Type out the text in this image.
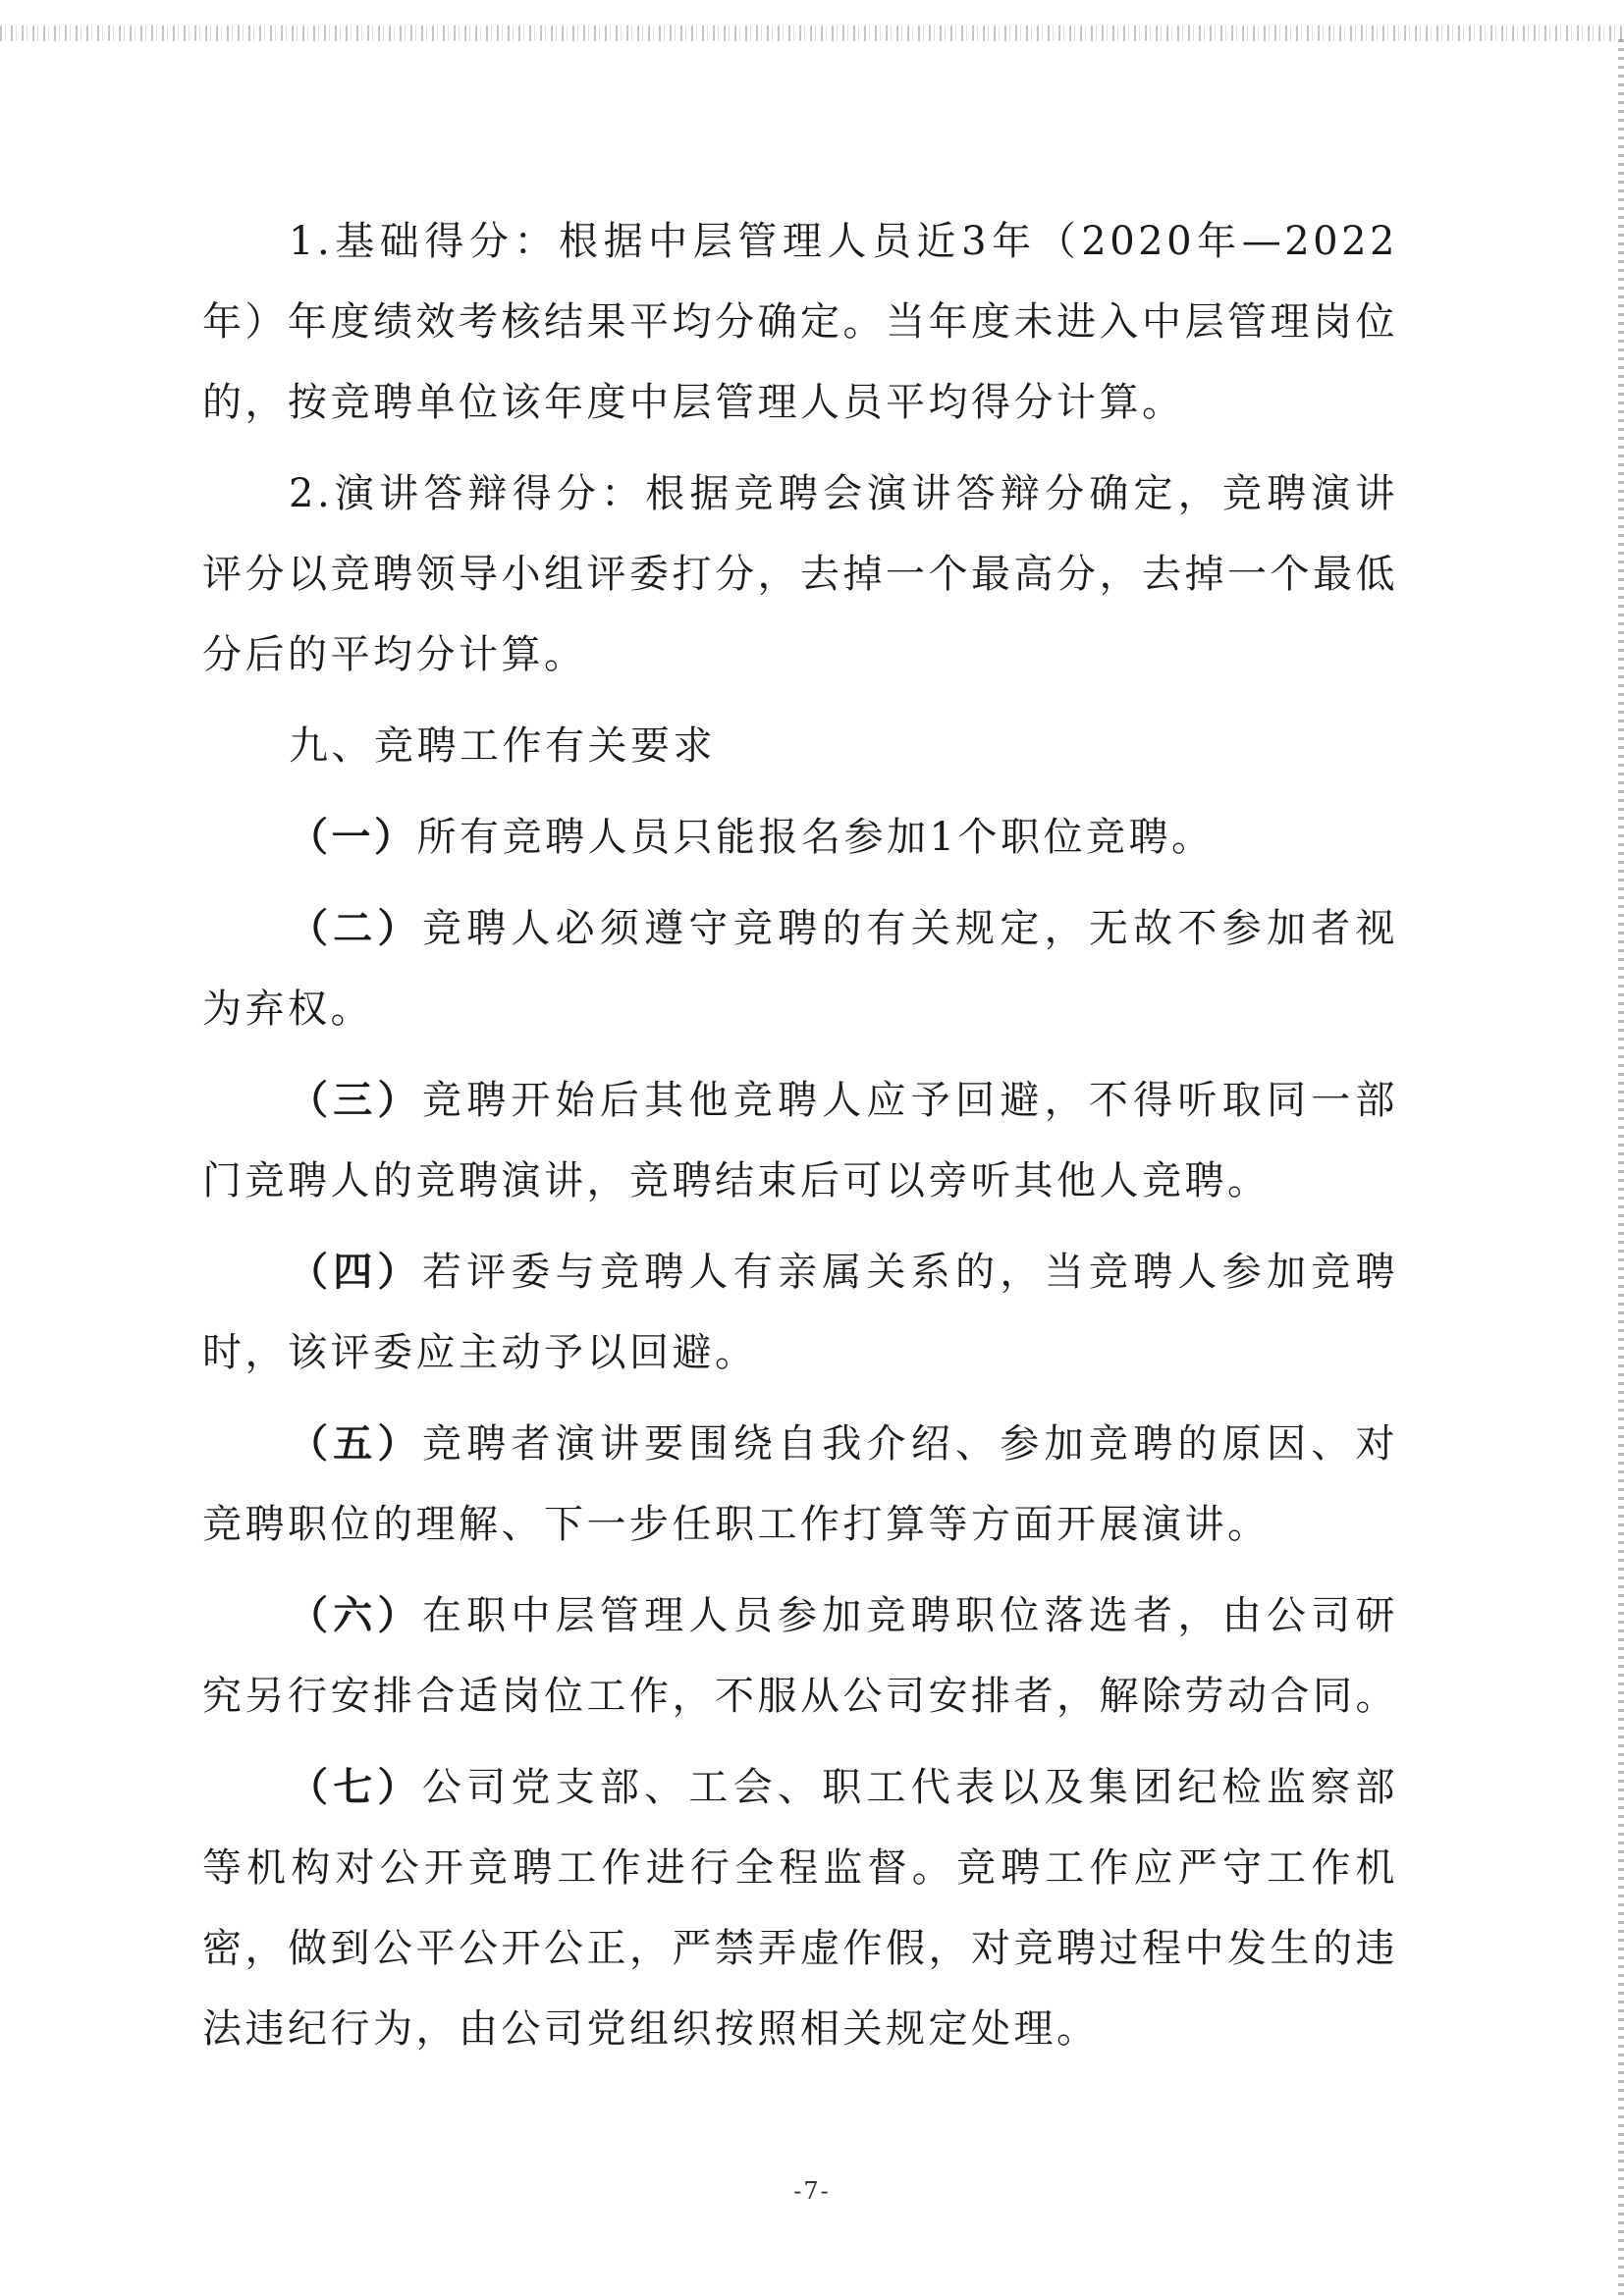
1.基础得分：根据中层管理人员近3年（2020年—2022年）年度绩效考核结果平均分确定。当年度未进入中层管理岗位的，按竞聘单位该年度中层管理人员平均得分计算。

2.演讲答辩得分：根据竞聘会演讲答辩分确定，竞聘演讲评分以竞聘领导小组评委打分，去掉一个最高分，去掉一个最低分后的平均分计算。

九、竞聘工作有关要求

（一）所有竞聘人员只能报名参加1个职位竞聘。

（二）竞聘人必须遵守竞聘的有关规定，无故不参加者视为弃权。

（三）竞聘开始后其他竞聘人应予回避，不得听取同一部门竞聘人的竞聘演讲，竞聘结束后可以旁听其他人竞聘。

（四）若评委与竞聘人有亲属关系的，当竞聘人参加竞聘时，该评委应主动予以回避。

（五）竞聘者演讲要围绕自我介绍、参加竞聘的原因、对竞聘职位的理解、下一步任职工作打算等方面开展演讲。

（六）在职中层管理人员参加竞聘职位落选者，由公司研究另行安排合适岗位工作，不服从公司安排者，解除劳动合同。

（七）公司党支部、工会、职工代表以及集团纪检监察部等机构对公开竞聘工作进行全程监督。竞聘工作应严守工作机密，做到公平公开公正，严禁弄虚作假，对竞聘过程中发生的违法违纪行为，由公司党组织按照相关规定处理。

-7-
